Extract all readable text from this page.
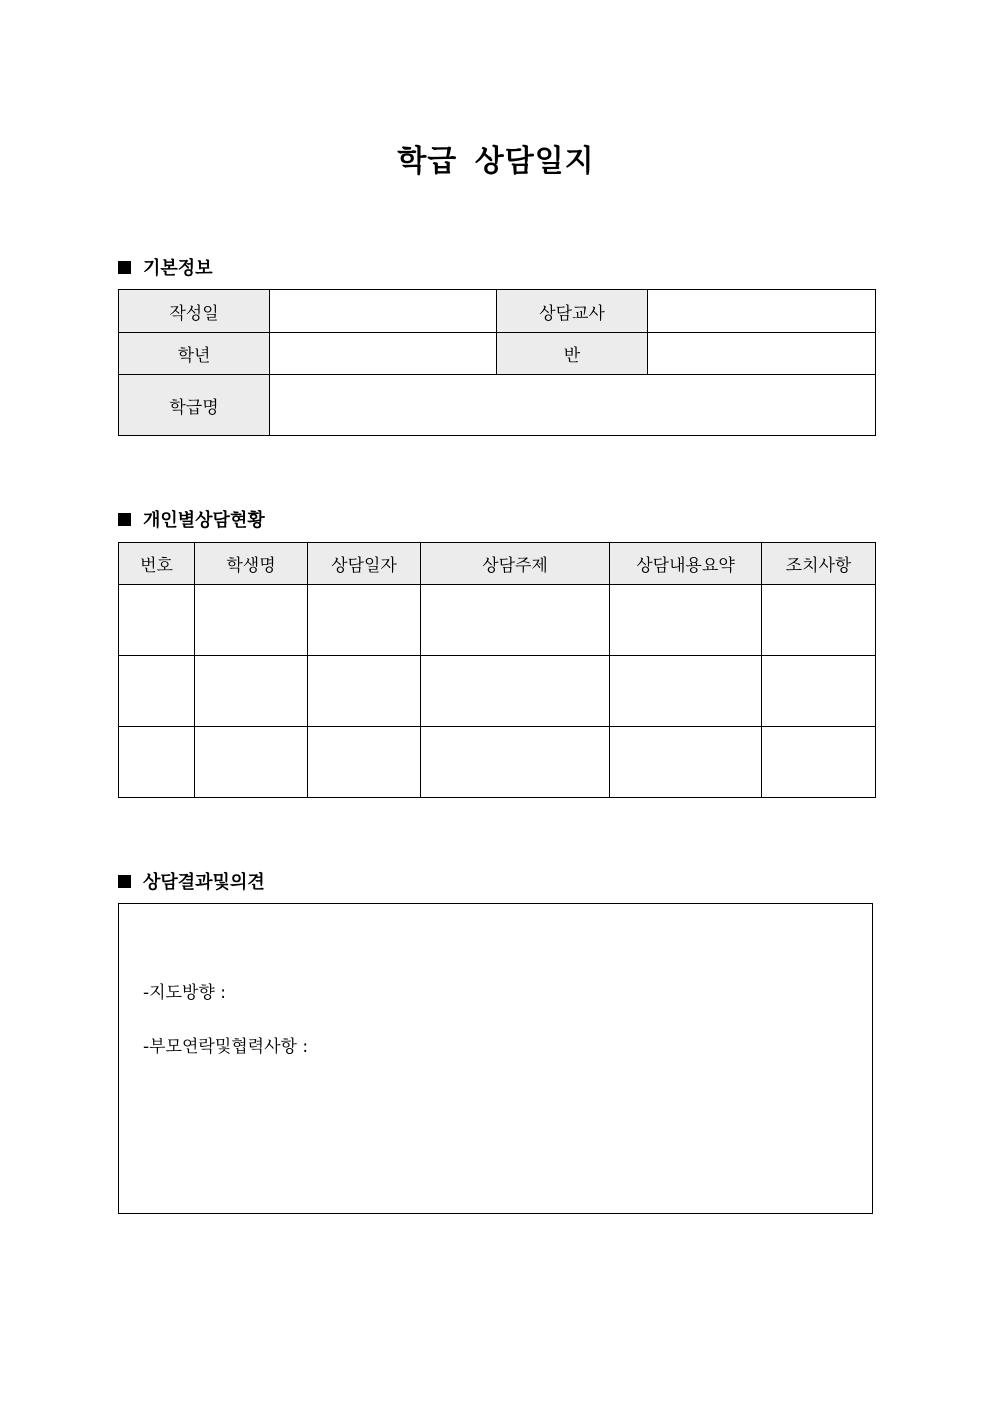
학급 상담일지
기본정보
작성일		상담교사	
학년		반	
학급명			
개인별상담현황
번호	학생명	상담일자	상담주제	상담내용요약	조치사항

상담결과및의견
-지도방향 :
-부모연락및협력사항 :
